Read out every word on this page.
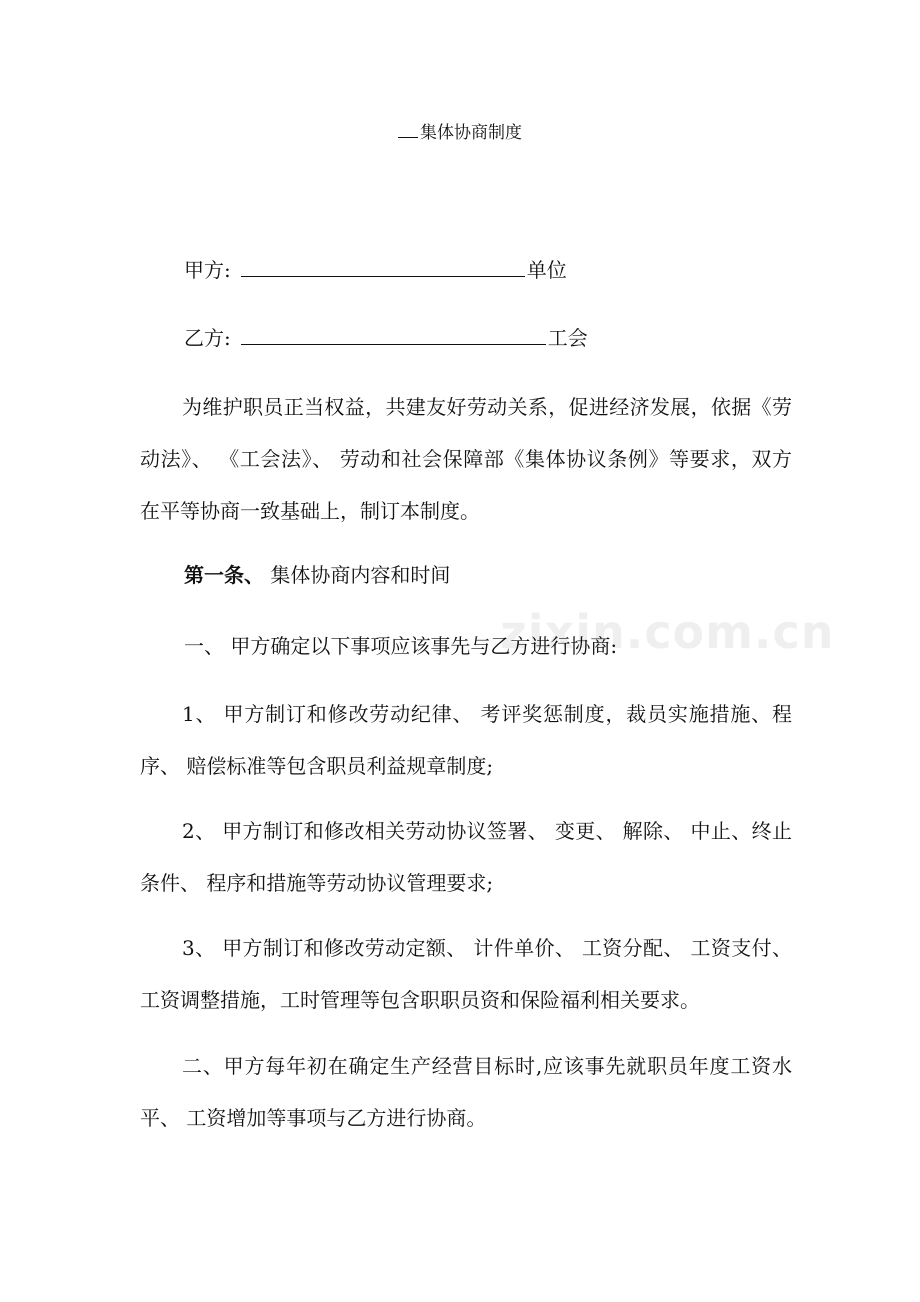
集体协商制度
甲方:	单位
乙方:	工会

为维护职员正当权益，共建友好劳动关系，促进经济发展，依据《劳动法》、 《工会法》、 劳动和社会保障部《集体协议条例》等要求，双方在平等协商一致基础上，制订本制度。

第一条、 集体协商内容和时间
一、 甲方确定以下事项应该事先与乙方进行协商:

1、 甲方制订和修改劳动纪律、 考评奖惩制度，裁员实施措施、程序、 赔偿标准等包含职员利益规章制度;

2、 甲方制订和修改相关劳动协议签署、 变更、 解除、 中止、终止条件、 程序和措施等劳动协议管理要求;

3、 甲方制订和修改劳动定额、 计件单价、 工资分配、 工资支付、 工资调整措施，工时管理等包含职职员资和保险福利相关要求。

二、甲方每年初在确定生产经营目标时,应该事先就职员年度工资水平、 工资增加等事项与乙方进行协商。

zixin.com.cn
